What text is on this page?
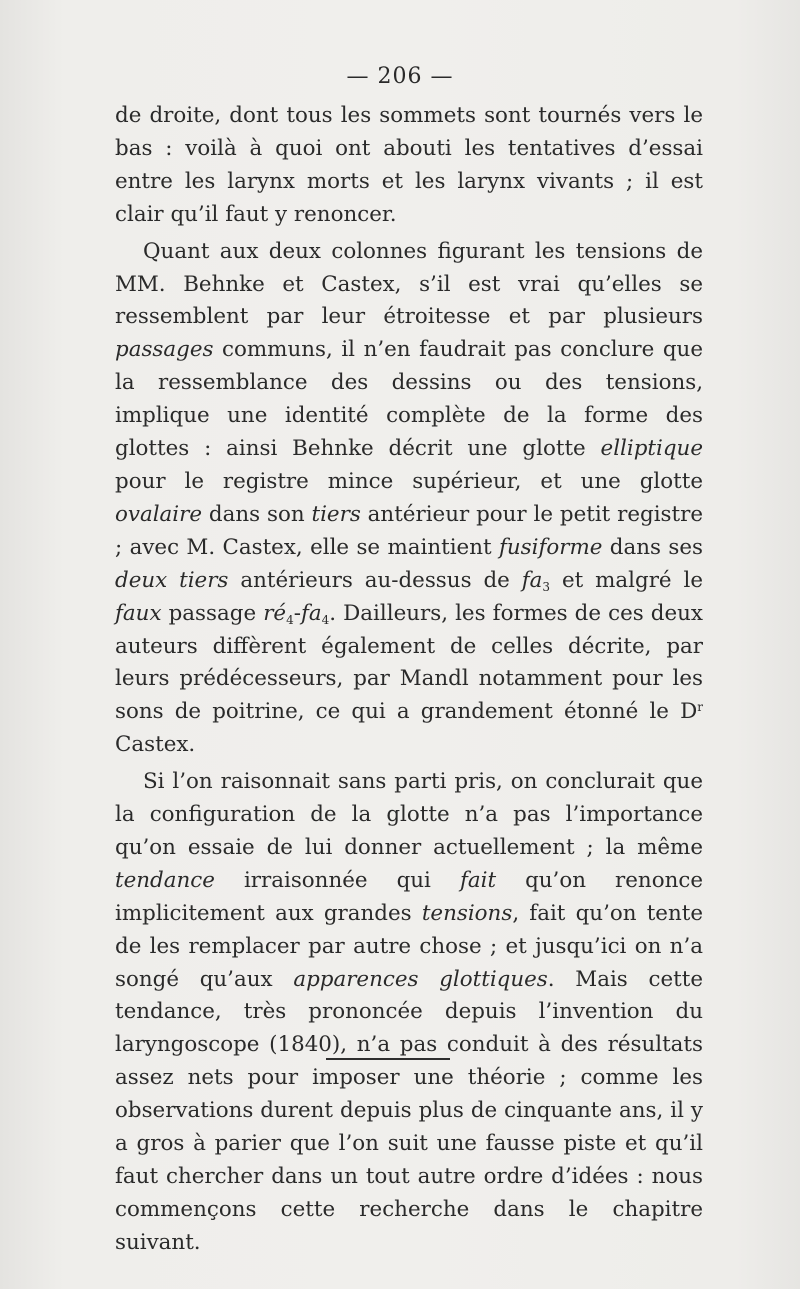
— 206 —

de droite, dont tous les sommets sont tournés vers le bas : voilà à quoi ont abouti les tentatives d’essai entre les larynx morts et les larynx vivants ; il est clair qu’il faut y renoncer.

Quant aux deux colonnes figurant les tensions de MM. Behnke et Castex, s’il est vrai qu’elles se ressemblent par leur étroitesse et par plusieurs passages communs, il n’en faudrait pas conclure que la ressemblance des dessins ou des tensions, implique une identité complète de la forme des glottes : ainsi Behnke décrit une glotte elliptique pour le registre mince supérieur, et une glotte ovalaire dans son tiers antérieur pour le petit registre ; avec M. Castex, elle se maintient fusiforme dans ses deux tiers antérieurs au-dessus de $fa_3$ et malgré le faux passage $ré_4-fa_4$. Dailleurs, les formes de ces deux auteurs diffèrent également de celles décrite, par leurs prédécesseurs, par Mandl notamment pour les sons de poitrine, ce qui a grandement étonné le $D^r$ Castex.

Si l’on raisonnait sans parti pris, on conclurait que la configuration de la glotte n’a pas l’importance qu’on essaie de lui donner actuellement ; la même tendance irraisonnée qui fait qu’on renonce implicitement aux grandes tensions, fait qu’on tente de les remplacer par autre chose ; et jusqu’ici on n’a songé qu’aux apparences glottiques. Mais cette tendance, très prononcée depuis l’invention du laryngoscope (1840), n’a pas conduit à des résultats assez nets pour imposer une théorie ; comme les observations durent depuis plus de cinquante ans, il y a gros à parier que l’on suit une fausse piste et qu’il faut chercher dans un tout autre ordre d’idées : nous commençons cette recherche dans le chapitre suivant.
